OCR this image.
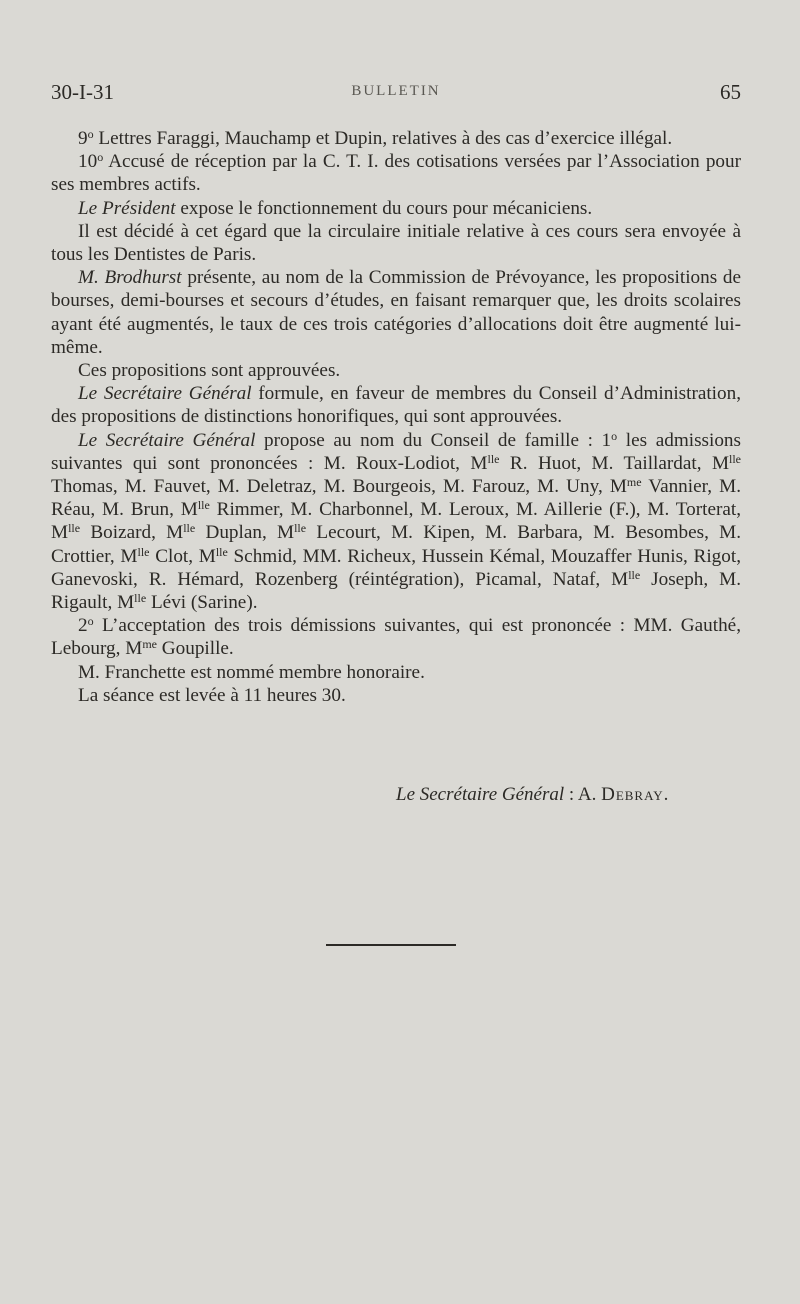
30-I-31	BULLETIN	65

9$^o$ Lettres Faraggi, Mauchamp et Dupin, relatives à des cas d’exercice illégal.

10$^o$ Accusé de réception par la C. T. I. des cotisations versées par l’Association pour ses membres actifs.

Le Président expose le fonctionnement du cours pour mécaniciens.

Il est décidé à cet égard que la circulaire initiale relative à ces cours sera envoyée à tous les Dentistes de Paris.

M. Brodhurst présente, au nom de la Commission de Prévoyance, les propositions de bourses, demi-bourses et secours d’études, en faisant remarquer que, les droits scolaires ayant été augmentés, le taux de ces trois catégories d’allocations doit être augmenté lui-même.

Ces propositions sont approuvées.

Le Secrétaire Général formule, en faveur de membres du Conseil d’Administration, des propositions de distinctions honorifiques, qui sont approuvées.

Le Secrétaire Général propose au nom du Conseil de famille : 1$^o$ les admissions suivantes qui sont prononcées : M. Roux-Lodiot, $M^{lle}$ R. Huot, M. Taillardat, $M^{lle}$ Thomas, M. Fauvet, M. Deletraz, M. Bourgeois, M. Farouz, M. Uny, $M^{me}$ Vannier, M. Réau, M. Brun, $M^{lle}$ Rimmer, M. Charbonnel, M. Leroux, M. Aillerie (F.), M. Torterat, $M^{lle}$ Boizard, $M^{lle}$ Duplan, $M^{lle}$ Lecourt, M. Kipen, M. Barbara, M. Besombes, M. Crottier, $M^{lle}$ Clot, $M^{lle}$ Schmid, MM. Richeux, Hussein Kémal, Mouzaffer Hunis, Rigot, Ganevoski, R. Hémard, Rozenberg (réintégration), Picamal, Nataf, $M^{lle}$ Joseph, M. Rigault, $M^{lle}$ Lévi (Sarine).

2$^o$ L’acceptation des trois démissions suivantes, qui est prononcée : MM. Gauthé, Lebourg, $M^{me}$ Goupille.

M. Franchette est nommé membre honoraire.

La séance est levée à 11 heures 30.

Le Secrétaire Général : A. Debray.
